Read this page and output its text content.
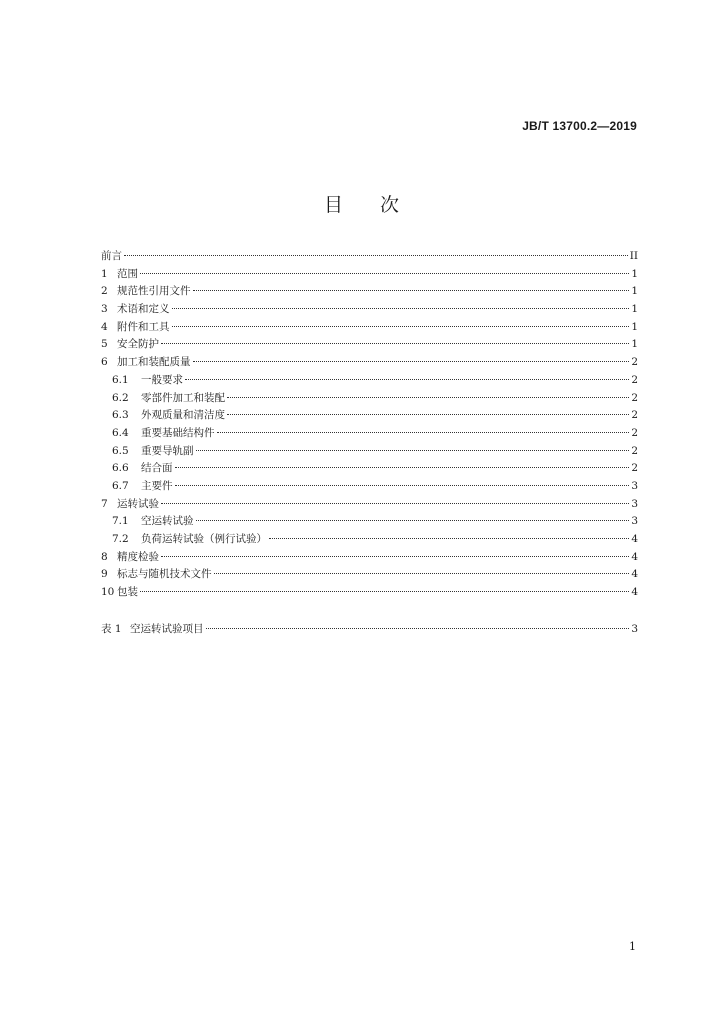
JB/T 13700.2—2019
目 次
前言	II
1 范围	1
2 规范性引用文件	1
3 术语和定义	1
4 附件和工具	1
5 安全防护	1
6 加工和装配质量	2
6.1	一般要求	2
6.2	零部件加工和装配	2
6.3	外观质量和清洁度	2
6.4	重要基础结构件	2
6.5	重要导轨副	2
6.6	结合面	2
6.7	主要件	3
7 运转试验	3
7.1	空运转试验	3
7.2	负荷运转试验（例行试验）	4
8 精度检验	4
9 标志与随机技术文件	4
10 包装	4
表 1 空运转试验项目	3
1
